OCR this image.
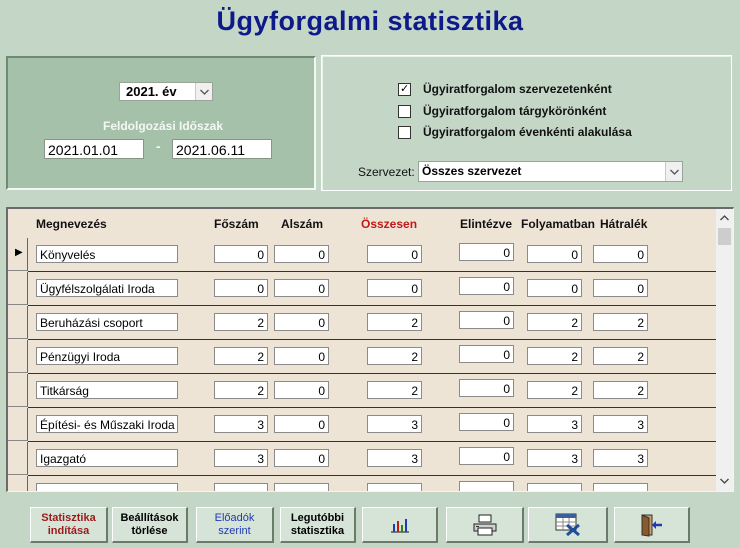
Ügyforgalmi statisztika
2021. év
Feldolgozási Időszak
2021.01.01	- 2021.06.11
✓ Ügyiratforgalom szervezetenként
Ügyiratforgalom tárgykörönként
Ügyiratforgalom évenkénti alakulása
Szervezet: Összes szervezet
Megnevezés	Főszám Alszám	Összesen	Elintézve Folyamatban Hátralék
▶	Könyvelés	0	0	0	0	0	0
Ügyfélszolgálati Iroda	0	0	0	0	0	0
Beruházási csoport	2	0	2	0	2	2
Pénzügyi Iroda	2	0	2	0	2	2
Titkárság	2	0	2	0	2	2
Építési- és Műszaki Iroda	3	0	3	0	3	3
Igazgató	3	0	3	0	3	3
Statisztika indítása
Beállítások törlése
Előadók szerint
Legutóbbi statisztika
